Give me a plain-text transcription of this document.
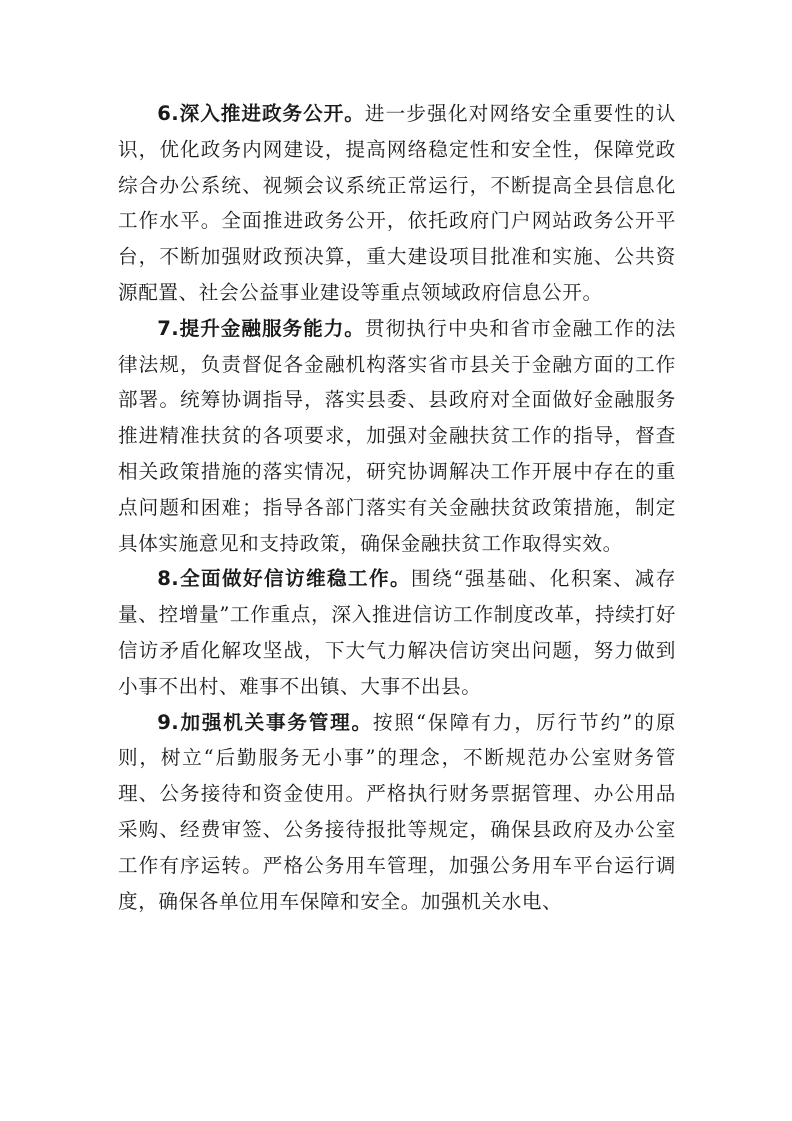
6.深入推进政务公开。进一步强化对网络安全重要性的认识，优化政务内网建设，提高网络稳定性和安全性，保障党政综合办公系统、视频会议系统正常运行，不断提高全县信息化工作水平。全面推进政务公开，依托政府门户网站政务公开平台，不断加强财政预决算，重大建设项目批准和实施、公共资源配置、社会公益事业建设等重点领域政府信息公开。

7.提升金融服务能力。贯彻执行中央和省市金融工作的法律法规，负责督促各金融机构落实省市县关于金融方面的工作部署。统筹协调指导，落实县委、县政府对全面做好金融服务推进精准扶贫的各项要求，加强对金融扶贫工作的指导，督查相关政策措施的落实情况，研究协调解决工作开展中存在的重点问题和困难；指导各部门落实有关金融扶贫政策措施，制定具体实施意见和支持政策，确保金融扶贫工作取得实效。

8.全面做好信访维稳工作。围绕“强基础、化积案、减存量、控增量”工作重点，深入推进信访工作制度改革，持续打好信访矛盾化解攻坚战，下大气力解决信访突出问题，努力做到小事不出村、难事不出镇、大事不出县。

9.加强机关事务管理。按照“保障有力，厉行节约”的原则，树立“后勤服务无小事”的理念，不断规范办公室财务管理、公务接待和资金使用。严格执行财务票据管理、办公用品采购、经费审签、公务接待报批等规定，确保县政府及办公室工作有序运转。严格公务用车管理，加强公务用车平台运行调度，确保各单位用车保障和安全。加强机关水电、
